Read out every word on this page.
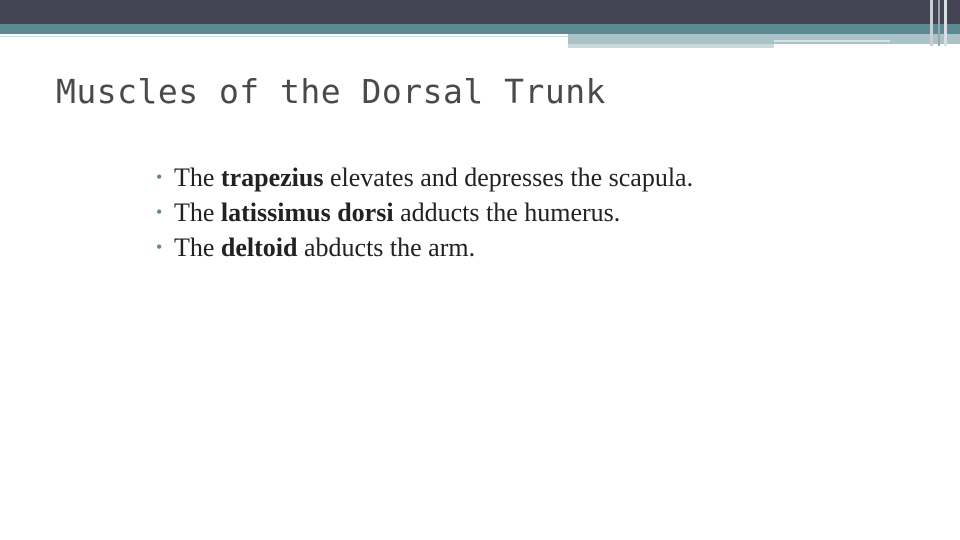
Muscles of the Dorsal Trunk
• The trapezius elevates and depresses the scapula.
• The latissimus dorsi adducts the humerus.
• The deltoid abducts the arm.
